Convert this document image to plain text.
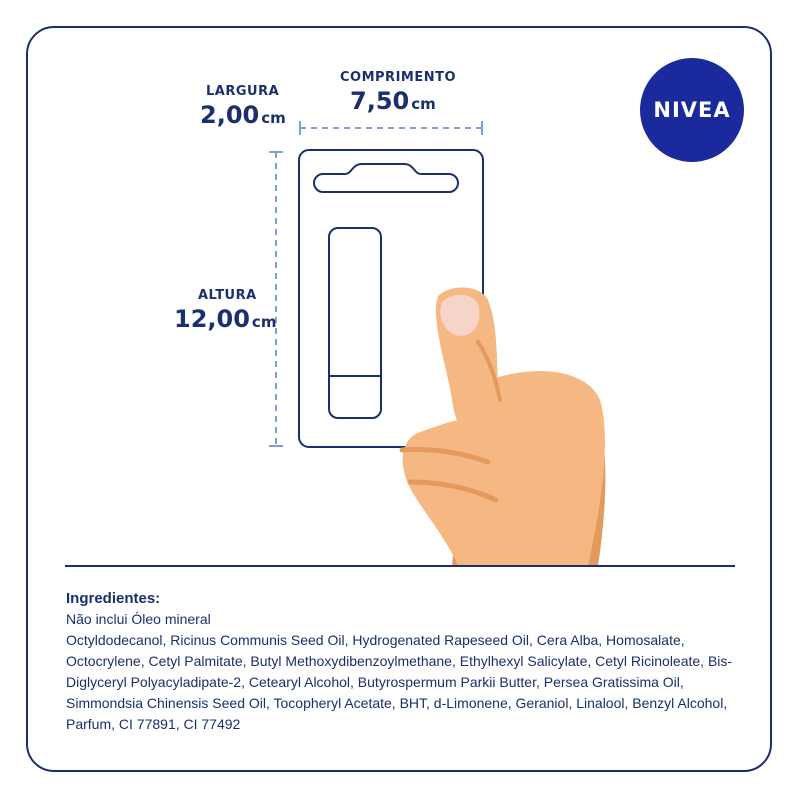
LARGURA
2,00 cm
COMPRIMENTO
7,50 cm
ALTURA
12,00 cm
NIVEA
Ingredientes:

Não inclui Óleo mineral

Octyldodecanol, Ricinus Communis Seed Oil, Hydrogenated Rapeseed Oil, Cera Alba, Homosalate, Octocrylene, Cetyl Palmitate, Butyl Methoxydibenzoylmethane, Ethylhexyl Salicylate, Cetyl Ricinoleate, Bis-Diglyceryl Polyacyladipate-2, Cetearyl Alcohol, Butyrospermum Parkii Butter, Persea Gratissima Oil, Simmondsia Chinensis Seed Oil, Tocopheryl Acetate, BHT, d-Limonene, Geraniol, Linalool, Benzyl Alcohol, Parfum, CI 77891, CI 77492
